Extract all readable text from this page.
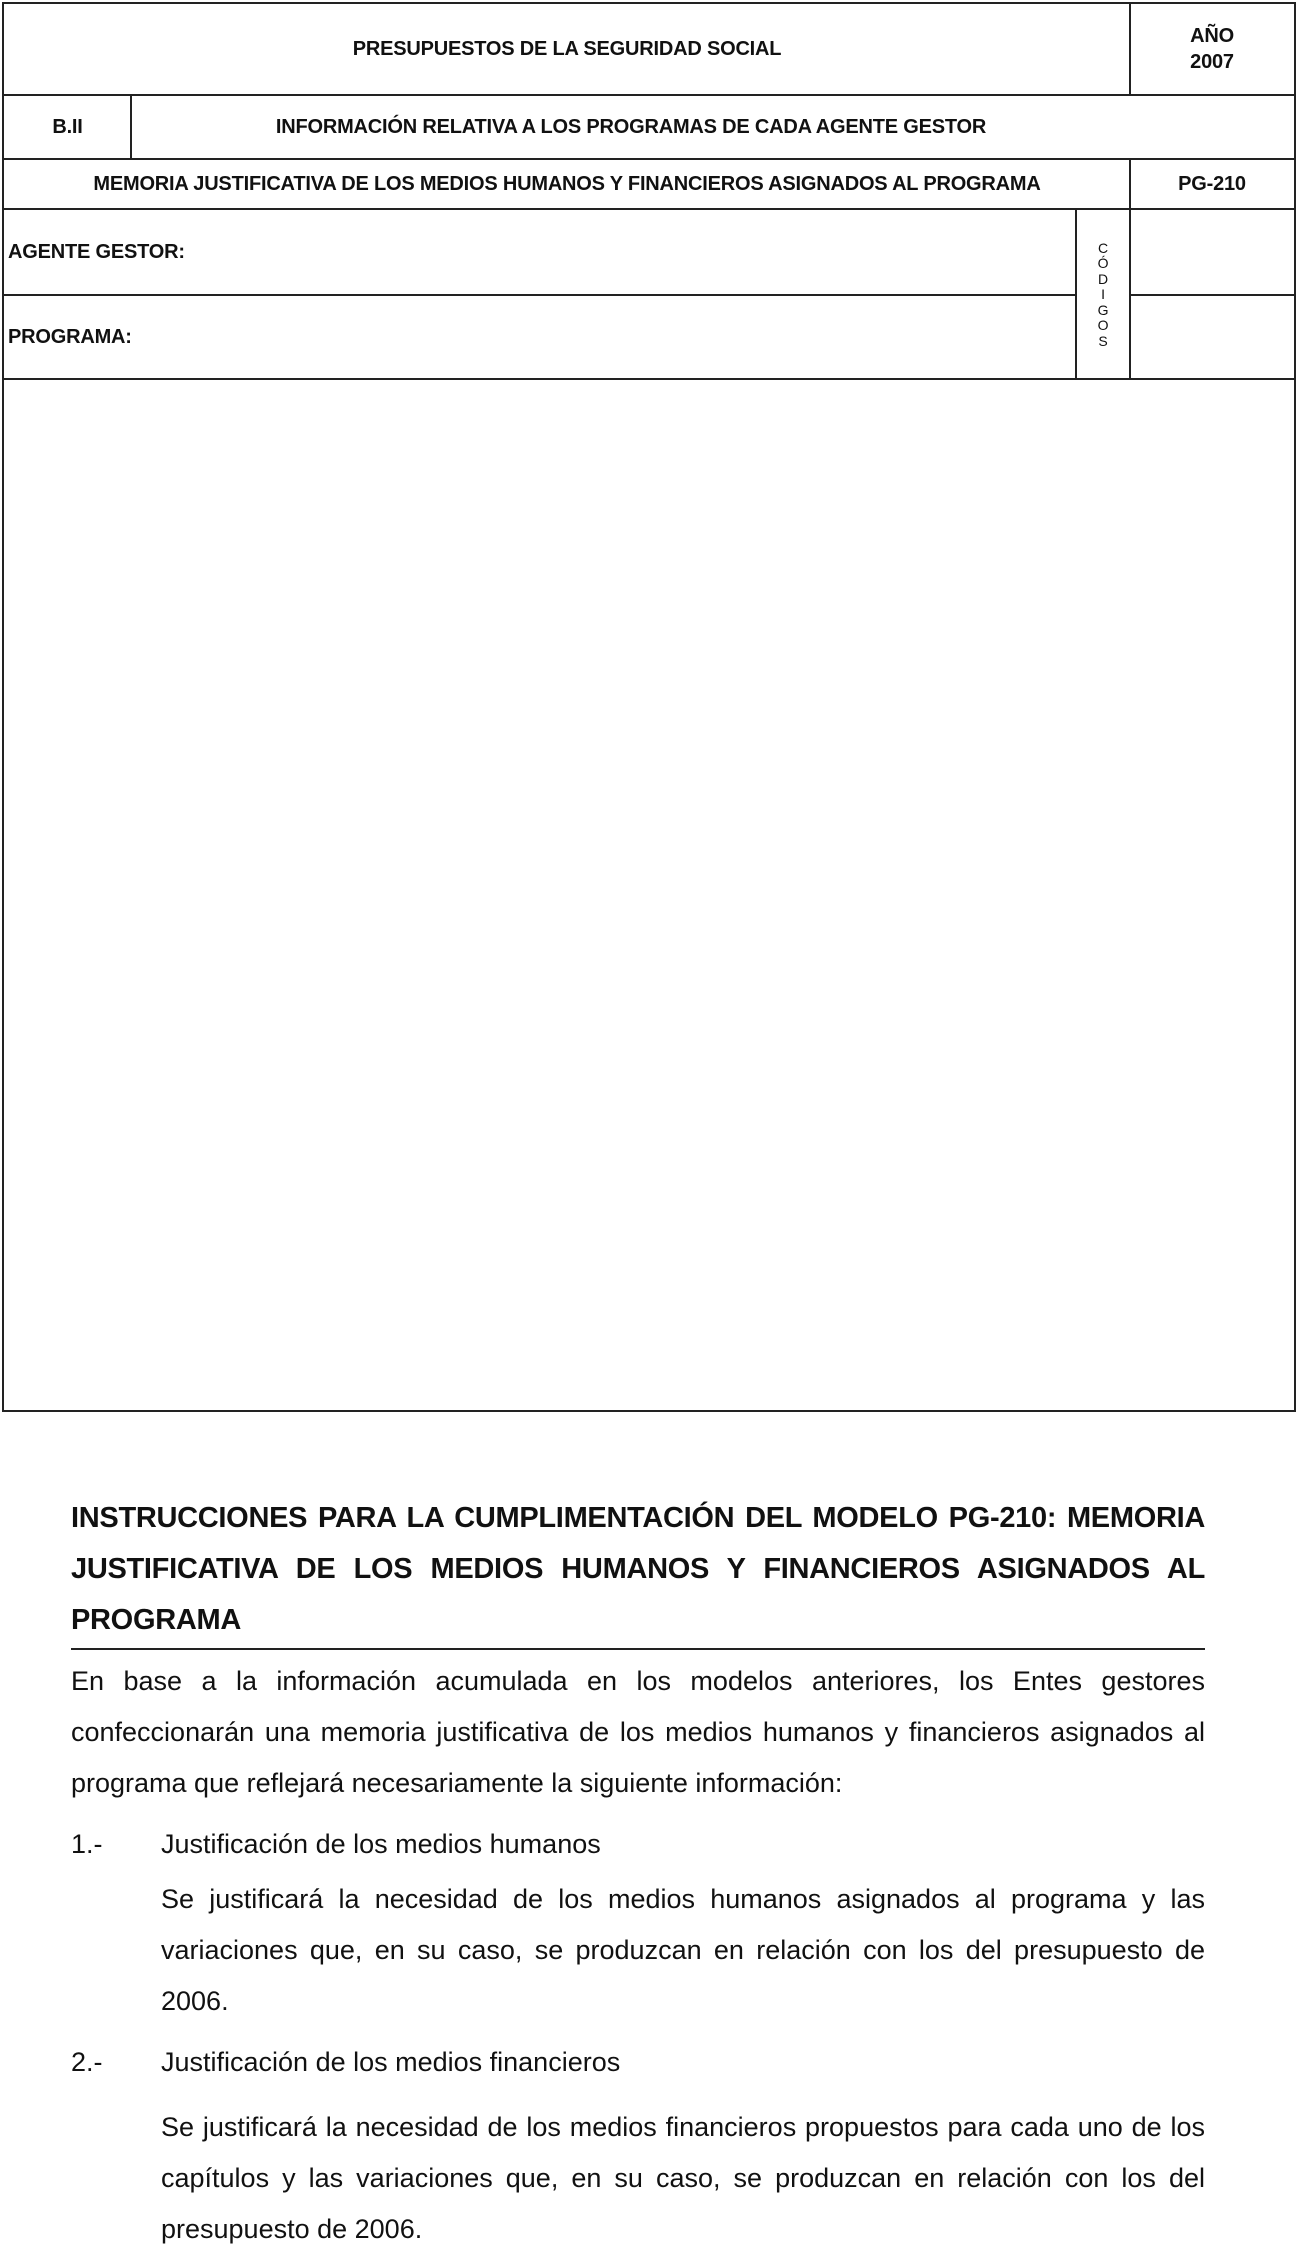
PRESUPUESTOS DE LA SEGURIDAD SOCIAL
AÑO
2007
B.II	INFORMACIÓN RELATIVA A LOS PROGRAMAS DE CADA AGENTE GESTOR
MEMORIA JUSTIFICATIVA DE LOS MEDIOS HUMANOS Y FINANCIEROS ASIGNADOS AL PROGRAMA	PG-210
AGENTE GESTOR:
PROGRAMA:
C
Ó
D
I
G
O
S
INSTRUCCIONES PARA LA CUMPLIMENTACIÓN DEL MODELO PG-210: MEMORIA JUSTIFICATIVA DE LOS MEDIOS HUMANOS Y FINANCIEROS ASIGNADOS AL PROGRAMA
En base a la información acumulada en los modelos anteriores, los Entes gestores confeccionarán una memoria justificativa de los medios humanos y financieros asignados al programa que reflejará necesariamente la siguiente información:
1.- Justificación de los medios humanos
Se justificará la necesidad de los medios humanos asignados al programa y las variaciones que, en su caso, se produzcan en relación con los del presupuesto de 2006.
2.- Justificación de los medios financieros
Se justificará la necesidad de los medios financieros propuestos para cada uno de los capítulos y las variaciones que, en su caso, se produzcan en relación con los del presupuesto de 2006.
